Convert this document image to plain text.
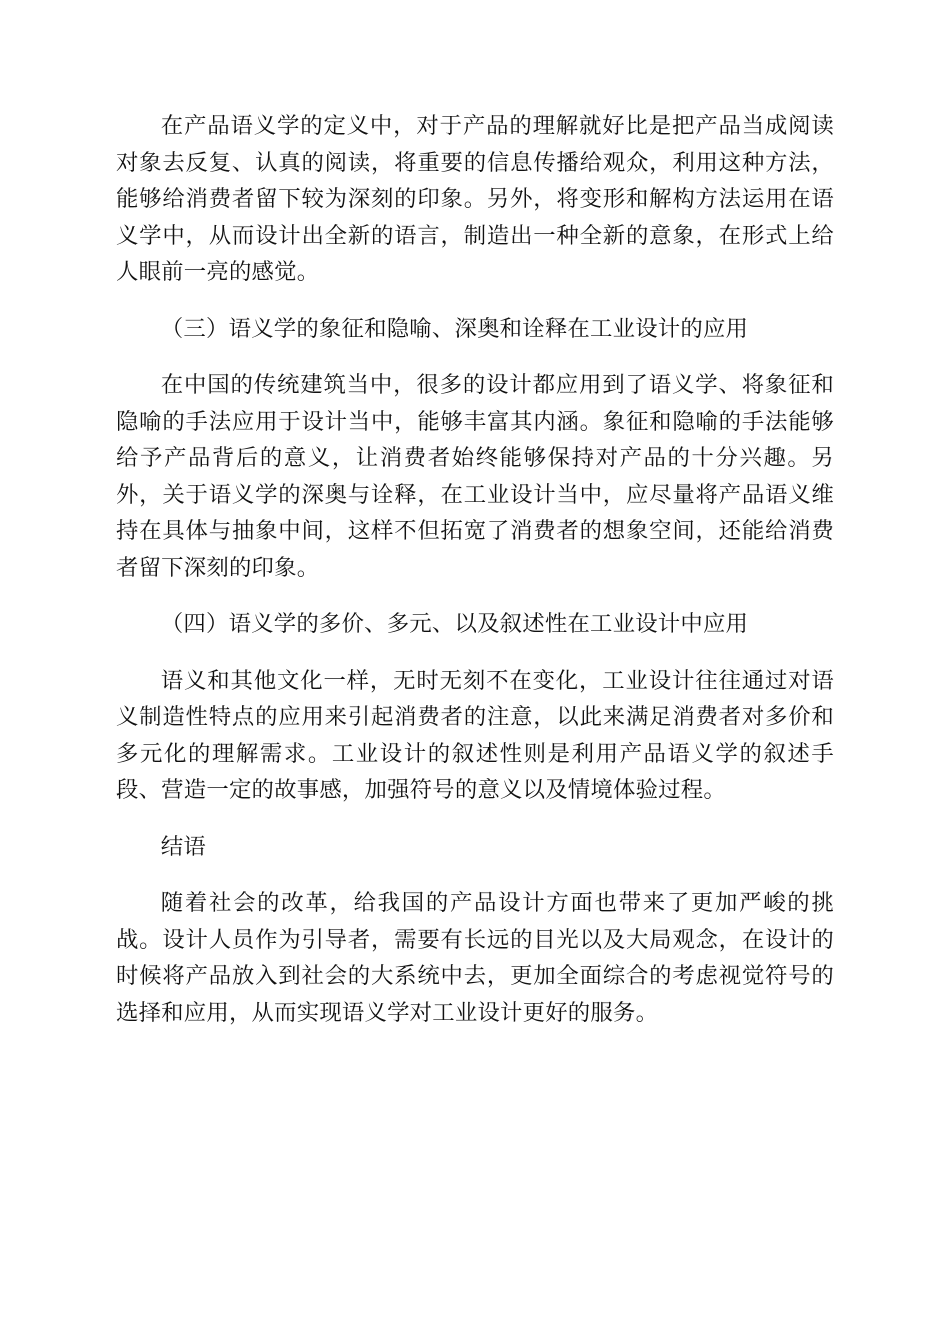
在产品语义学的定义中，对于产品的理解就好比是把产品当成阅读对象去反复、认真的阅读，将重要的信息传播给观众，利用这种方法，能够给消费者留下较为深刻的印象。另外，将变形和解构方法运用在语义学中，从而设计出全新的语言，制造出一种全新的意象，在形式上给人眼前一亮的感觉。

（三）语义学的象征和隐喻、深奥和诠释在工业设计的应用

在中国的传统建筑当中，很多的设计都应用到了语义学、将象征和隐喻的手法应用于设计当中，能够丰富其内涵。象征和隐喻的手法能够给予产品背后的意义，让消费者始终能够保持对产品的十分兴趣。另外，关于语义学的深奥与诠释，在工业设计当中，应尽量将产品语义维持在具体与抽象中间，这样不但拓宽了消费者的想象空间，还能给消费者留下深刻的印象。

（四）语义学的多价、多元、以及叙述性在工业设计中应用

语义和其他文化一样，无时无刻不在变化，工业设计往往通过对语义制造性特点的应用来引起消费者的注意，以此来满足消费者对多价和多元化的理解需求。工业设计的叙述性则是利用产品语义学的叙述手段、营造一定的故事感，加强符号的意义以及情境体验过程。

结语

随着社会的改革，给我国的产品设计方面也带来了更加严峻的挑战。设计人员作为引导者，需要有长远的目光以及大局观念，在设计的时候将产品放入到社会的大系统中去，更加全面综合的考虑视觉符号的选择和应用，从而实现语义学对工业设计更好的服务。
